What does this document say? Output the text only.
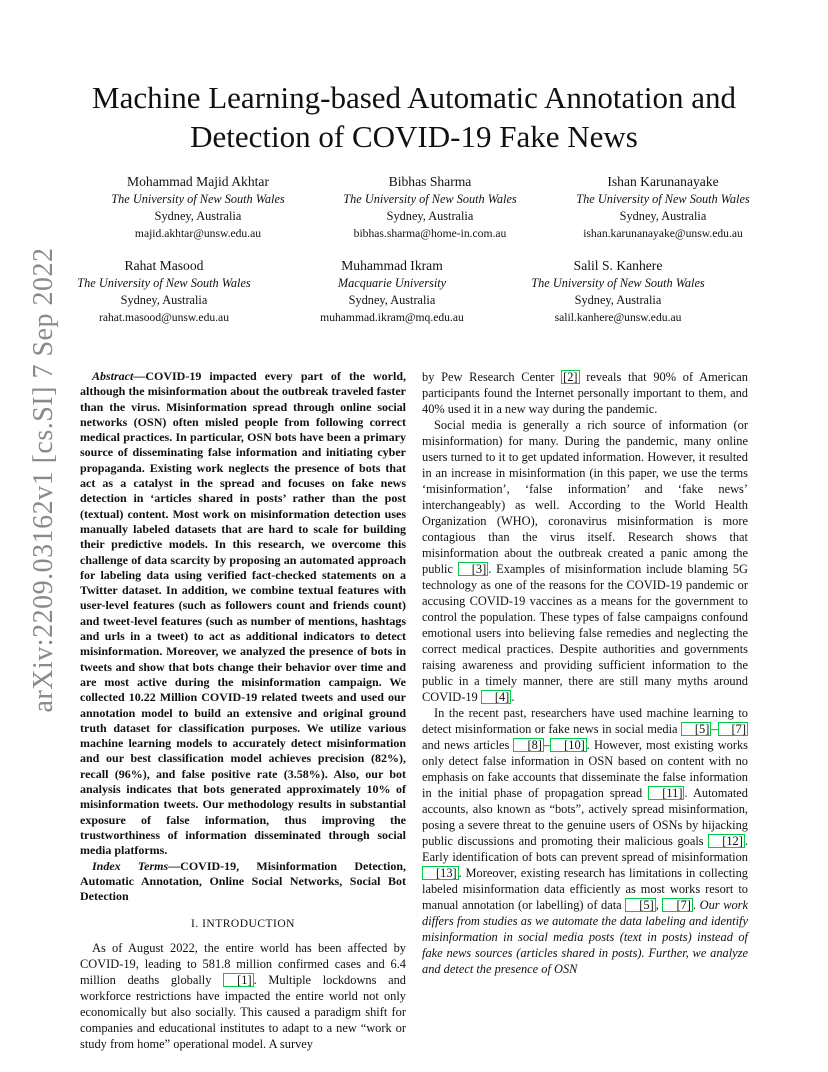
Machine Learning-based Automatic Annotation and Detection of COVID-19 Fake News
Mohammad Majid Akhtar
The University of New South Wales
Sydney, Australia
majid.akhtar@unsw.edu.au
Bibhas Sharma
The University of New South Wales
Sydney, Australia
bibhas.sharma@home-in.com.au
Ishan Karunanayake
The University of New South Wales
Sydney, Australia
ishan.karunanayake@unsw.edu.au
Rahat Masood
The University of New South Wales
Sydney, Australia
rahat.masood@unsw.edu.au
Muhammad Ikram
Macquarie University
Sydney, Australia
muhammad.ikram@mq.edu.au
Salil S. Kanhere
The University of New South Wales
Sydney, Australia
salil.kanhere@unsw.edu.au
arXiv:2209.03162v1 [cs.SI] 7 Sep 2022	Abstract—COVID-19 impacted every part of the world, although the misinformation about the outbreak traveled faster than the virus. Misinformation spread through online social networks (OSN) often misled people from following correct medical practices. In particular, OSN bots have been a primary source of disseminating false information and initiating cyber propaganda. Existing work neglects the presence of bots that act as a catalyst in the spread and focuses on fake news detection in ‘articles shared in posts’ rather than the post (textual) content. Most work on misinformation detection uses manually labeled datasets that are hard to scale for building their predictive models. In this research, we overcome this challenge of data scarcity by proposing an automated approach for labeling data using verified fact-checked statements on a Twitter dataset. In addition, we combine textual features with user-level features (such as followers count and friends count) and tweet-level features (such as number of mentions, hashtags and urls in a tweet) to act as additional indicators to detect misinformation. Moreover, we analyzed the presence of bots in tweets and show that bots change their behavior over time and are most active during the misinformation campaign. We collected 10.22 Million COVID-19 related tweets and used our annotation model to build an extensive and original ground truth dataset for classification purposes. We utilize various machine learning models to accurately detect misinformation and our best classification model achieves precision (82%), recall (96%), and false positive rate (3.58%). Also, our bot analysis indicates that bots generated approximately 10% of misinformation tweets. Our methodology results in substantial exposure of false information, thus improving the trustworthiness of information disseminated through social media platforms.

Index Terms—COVID-19, Misinformation Detection, Automatic Annotation, Online Social Networks, Social Bot Detection

I. INTRODUCTION

As of August 2022, the entire world has been affected by COVID-19, leading to 581.8 million confirmed cases and 6.4 million deaths globally [1] . Multiple lockdowns and workforce restrictions have impacted the entire world not only economically but also socially. This caused a paradigm shift for companies and educational institutes to adapt to a new “work or study from home” operational model. A survey

by Pew Research Center [2] reveals that 90% of American participants found the Internet personally important to them, and 40% used it in a new way during the pandemic.

Social media is generally a rich source of information (or misinformation) for many. During the pandemic, many online users turned to it to get updated information. However, it resulted in an increase in misinformation (in this paper, we use the terms ‘misinformation’, ‘false information’ and ‘fake news’ interchangeably) as well. According to the World Health Organization (WHO), coronavirus misinformation is more contagious than the virus itself. Research shows that misinformation about the outbreak created a panic among the public [3] . Examples of misinformation include blaming 5G technology as one of the reasons for the COVID-19 pandemic or accusing COVID-19 vaccines as a means for the government to control the population. These types of false campaigns confound emotional users into believing false remedies and neglecting the correct medical practices. Despite authorities and governments raising awareness and providing sufficient information to the public in a timely manner, there are still many myths around COVID-19 [4] .

In the recent past, researchers have used machine learning to detect misinformation or fake news in social media [5] – [7] and news articles [8] – [10] . However, most existing works only detect false information in OSN based on content with no emphasis on fake accounts that disseminate the false information in the initial phase of propagation spread [11] . Automated accounts, also known as “bots”, actively spread misinformation, posing a severe threat to the genuine users of OSNs by hijacking public discussions and promoting their malicious goals [12] . Early identification of bots can prevent spread of misinformation [13] . Moreover, existing research has limitations in collecting labeled misinformation data efficiently as most works resort to manual annotation (or labelling) of data [5] , [7] . Our work differs from studies as we automate the data labeling and identify misinformation in social media posts (text in posts) instead of fake news sources (articles shared in posts). Further, we analyze and detect the presence of OSN
